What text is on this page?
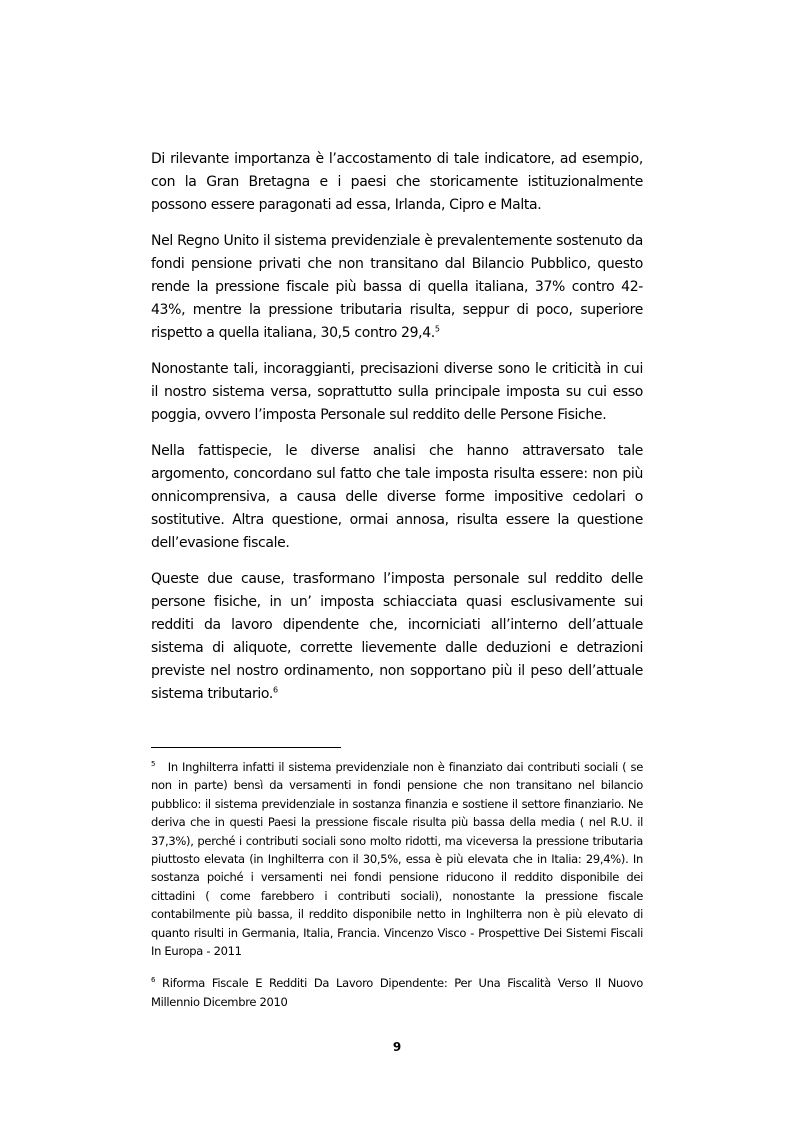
Di rilevante importanza è l’accostamento di tale indicatore, ad esempio, con la Gran Bretagna e i paesi che storicamente istituzionalmente possono essere paragonati ad essa, Irlanda, Cipro e Malta.

Nel Regno Unito il sistema previdenziale è prevalentemente sostenuto da fondi pensione privati che non transitano dal Bilancio Pubblico, questo rende la pressione fiscale più bassa di quella italiana, 37% contro 42-43%, mentre la pressione tributaria risulta, seppur di poco, superiore rispetto a quella italiana, 30,5 contro 29,4.$^5$

Nonostante tali, incoraggianti, precisazioni diverse sono le criticità in cui il nostro sistema versa, soprattutto sulla principale imposta su cui esso poggia, ovvero l’imposta Personale sul reddito delle Persone Fisiche.

Nella fattispecie, le diverse analisi che hanno attraversato tale argomento, concordano sul fatto che tale imposta risulta essere: non più onnicomprensiva, a causa delle diverse forme impositive cedolari o sostitutive. Altra questione, ormai annosa, risulta essere la questione dell’evasione fiscale.

Queste due cause, trasformano l’imposta personale sul reddito delle persone fisiche, in un’ imposta schiacciata quasi esclusivamente sui redditi da lavoro dipendente che, incorniciati all’interno dell’attuale sistema di aliquote, corrette lievemente dalle deduzioni e detrazioni previste nel nostro ordinamento, non sopportano più il peso dell’attuale sistema tributario.$^6$

$^5$ In Inghilterra infatti il sistema previdenziale non è finanziato dai contributi sociali ( se non in parte) bensì da versamenti in fondi pensione che non transitano nel bilancio pubblico: il sistema previdenziale in sostanza finanzia e sostiene il settore finanziario. Ne deriva che in questi Paesi la pressione fiscale risulta più bassa della media ( nel R.U. il 37,3%), perché i contributi sociali sono molto ridotti, ma viceversa la pressione tributaria piuttosto elevata (in Inghilterra con il 30,5%, essa è più elevata che in Italia: 29,4%). In sostanza poiché i versamenti nei fondi pensione riducono il reddito disponibile dei cittadini ( come farebbero i contributi sociali), nonostante la pressione fiscale contabilmente più bassa, il reddito disponibile netto in Inghilterra non è più elevato di quanto risulti in Germania, Italia, Francia. Vincenzo Visco - Prospettive Dei Sistemi Fiscali In Europa - 2011

$^6$ Riforma Fiscale E Redditi Da Lavoro Dipendente: Per Una Fiscalità Verso Il Nuovo Millennio Dicembre 2010

9
